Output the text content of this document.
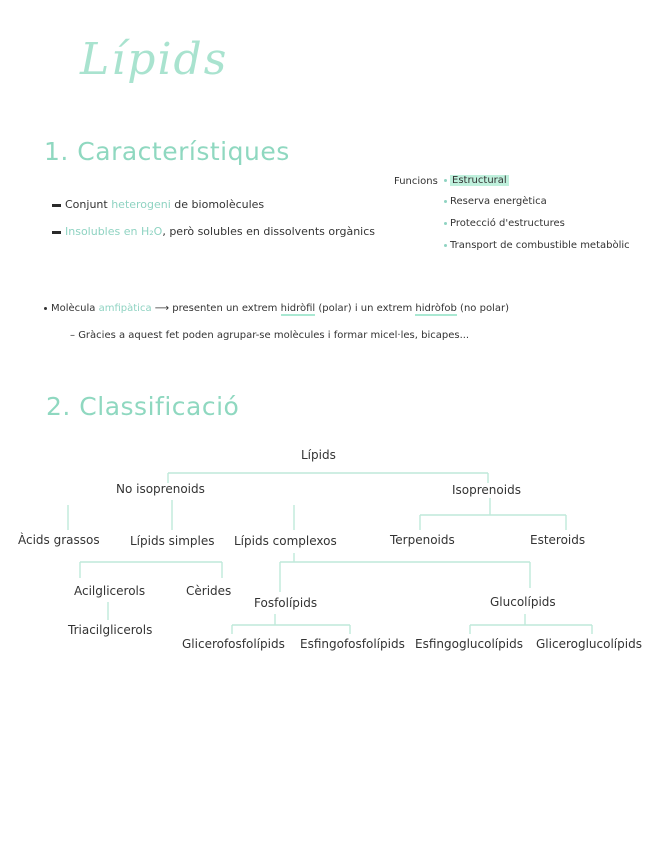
Lípids
1. Característiques
Conjunt heterogeni de biomolècules
Insolubles en H₂O, però solubles en dissolvents orgànics
Funcions	Estructural
Reserva energètica
Protecció d'estructures
Transport de combustible metabòlic
Molècula amfipàtica ⟶ presenten un extrem hidròfil (polar) i un extrem hidròfob (no polar)
– Gràcies a aquest fet poden agrupar-se molècules i formar micel·les, bicapes...
2. Classificació
Lípids
No isoprenoids	Isoprenoids
Àcids grassos	Lípids simples Lípids complexos	Terpenoids	Esteroids
Acilglicerols	Cèrides
Triacilglicerols
Fosfolípids	Glucolípids
Glicerofosfolípids Esfingofosfolípids Esfingoglucolípids Gliceroglucolípids
